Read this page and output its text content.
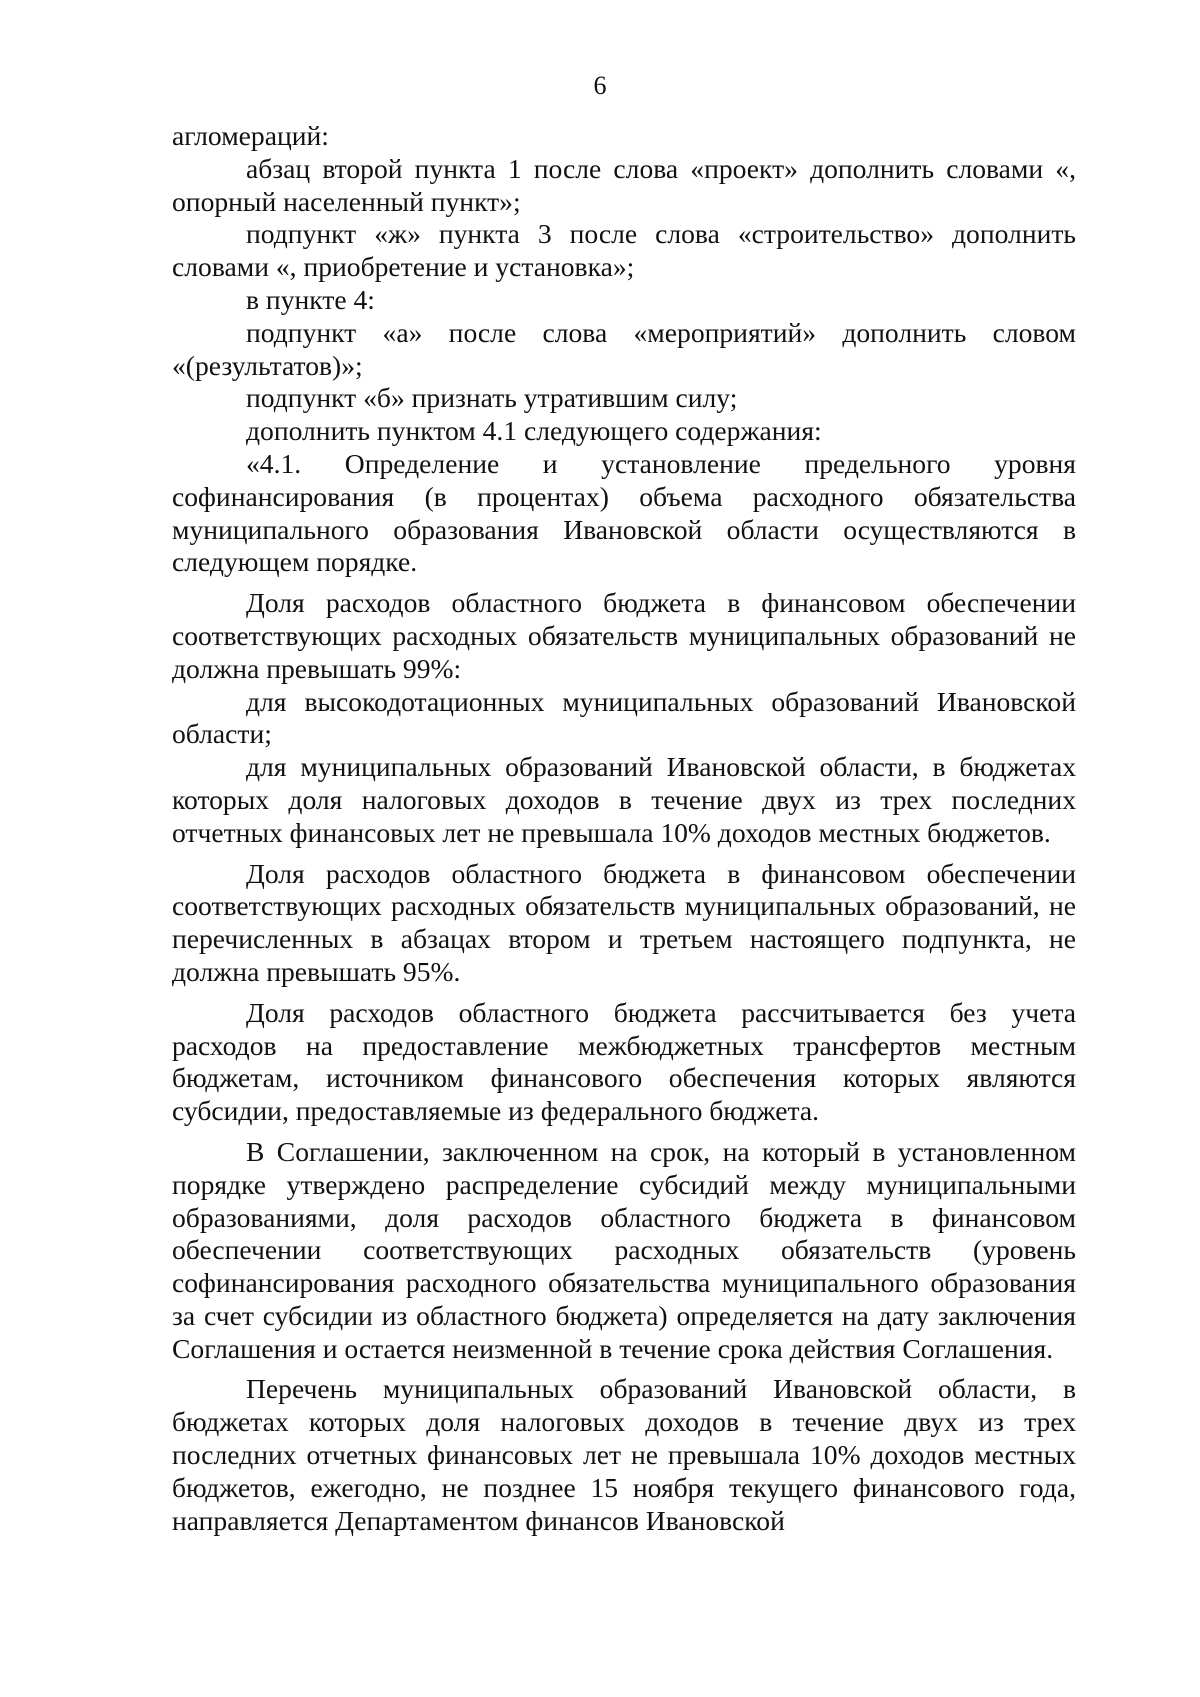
6

агломераций:

абзац второй пункта 1 после слова «проект» дополнить словами «, опорный населенный пункт»;

подпункт «ж» пункта 3 после слова «строительство» дополнить словами «, приобретение и установка»;

в пункте 4:

подпункт «а» после слова «мероприятий» дополнить словом «(результатов)»;

подпункт «б» признать утратившим силу;

дополнить пунктом 4.1 следующего содержания:

«4.1. Определение и установление предельного уровня софинансирования (в процентах) объема расходного обязательства муниципального образования Ивановской области осуществляются в следующем порядке.

Доля расходов областного бюджета в финансовом обеспечении соответствующих расходных обязательств муниципальных образований не должна превышать 99%:

для высокодотационных муниципальных образований Ивановской области;

для муниципальных образований Ивановской области, в бюджетах которых доля налоговых доходов в течение двух из трех последних отчетных финансовых лет не превышала 10% доходов местных бюджетов.

Доля расходов областного бюджета в финансовом обеспечении соответствующих расходных обязательств муниципальных образований, не перечисленных в абзацах втором и третьем настоящего подпункта, не должна превышать 95%.

Доля расходов областного бюджета рассчитывается без учета расходов на предоставление межбюджетных трансфертов местным бюджетам, источником финансового обеспечения которых являются субсидии, предоставляемые из федерального бюджета.

В Соглашении, заключенном на срок, на который в установленном порядке утверждено распределение субсидий между муниципальными образованиями, доля расходов областного бюджета в финансовом обеспечении соответствующих расходных обязательств (уровень софинансирования расходного обязательства муниципального образования за счет субсидии из областного бюджета) определяется на дату заключения Соглашения и остается неизменной в течение срока действия Соглашения.

Перечень муниципальных образований Ивановской области, в бюджетах которых доля налоговых доходов в течение двух из трех последних отчетных финансовых лет не превышала 10% доходов местных бюджетов, ежегодно, не позднее 15 ноября текущего финансового года, направляется Департаментом финансов Ивановской
